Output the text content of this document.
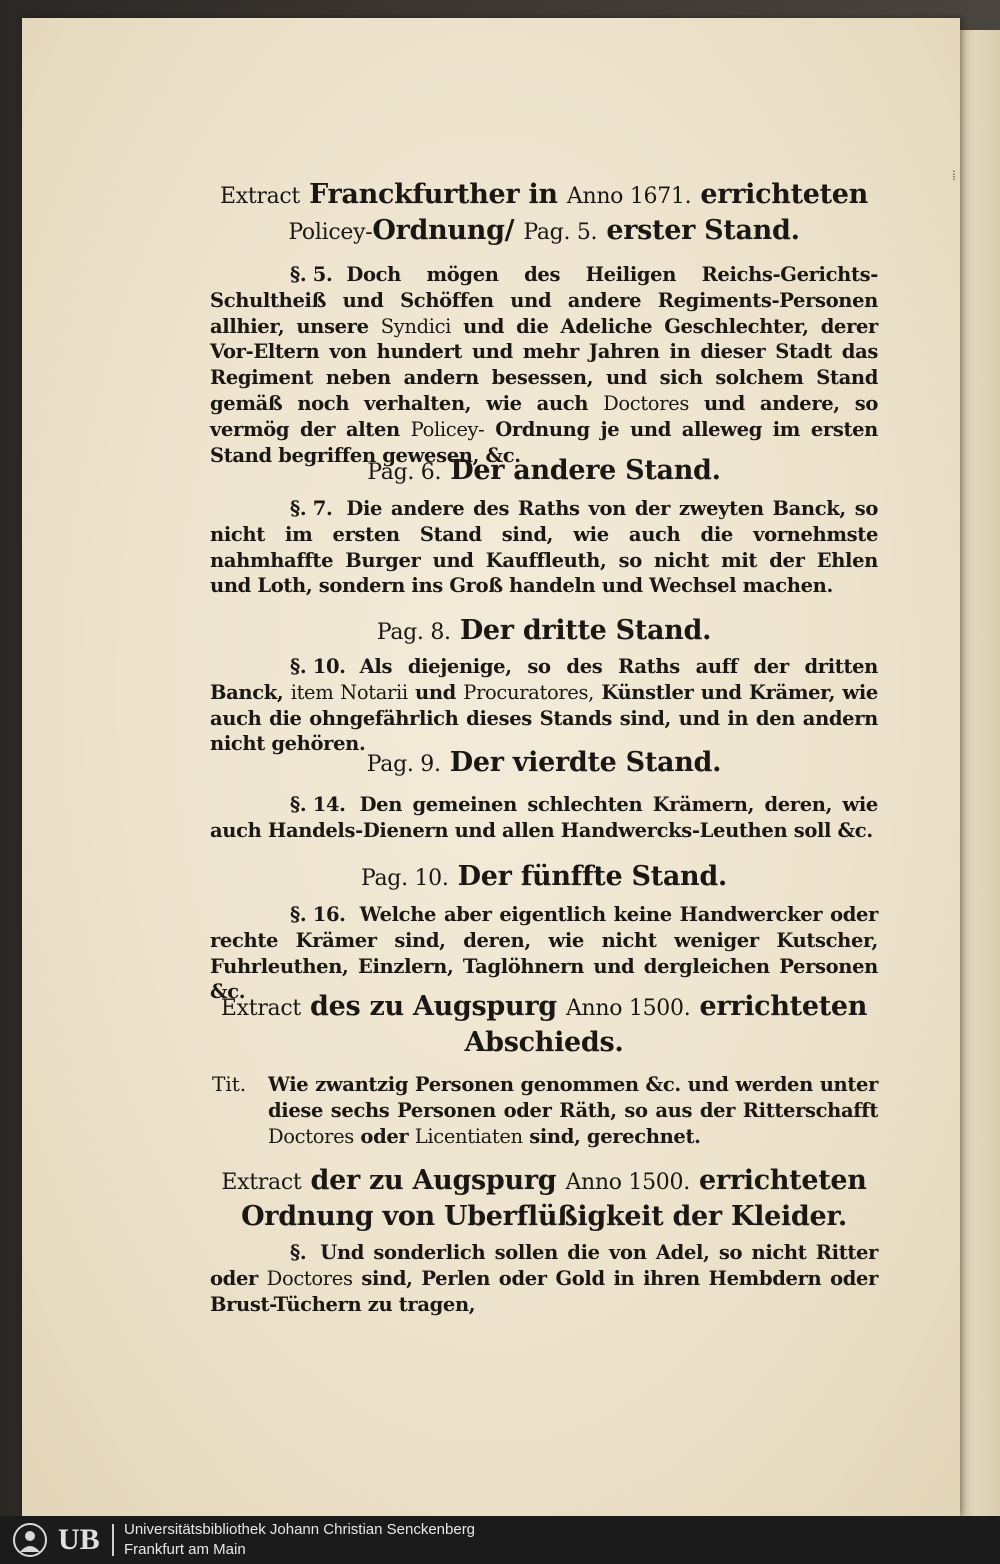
⁞
Extract Franckfurther in Anno 1671. errichteten
Policey-Ordnung/ Pag. 5. erster Stand.
§. 5. Doch mögen des Heiligen Reichs-Gerichts-Schultheiß und Schöffen und andere Regiments-Personen allhier, unsere Syndici und die Adeliche Geschlechter, derer Vor-Eltern von hundert und mehr Jahren in dieser Stadt das Regiment neben andern besessen, und sich solchem Stand gemäß noch verhalten, wie auch Doctores und andere, so vermög der alten Policey- Ordnung je und alleweg im ersten Stand begriffen gewesen, &c.
Pag. 6. Der andere Stand.
§. 7. Die andere des Raths von der zweyten Banck, so nicht im ersten Stand sind, wie auch die vornehmste nahmhaffte Burger und Kauffleuth, so nicht mit der Ehlen und Loth, sondern ins Groß handeln und Wechsel machen.
Pag. 8. Der dritte Stand.
§. 10. Als diejenige, so des Raths auff der dritten Banck, item Notarii und Procuratores, Künstler und Krämer, wie auch die ohngefährlich dieses Stands sind, und in den andern nicht gehören.
Pag. 9. Der vierdte Stand.
§. 14. Den gemeinen schlechten Krämern, deren, wie auch Handels-Dienern und allen Handwercks-Leuthen soll &c.
Pag. 10. Der fünffte Stand.
§. 16. Welche aber eigentlich keine Handwercker oder rechte Krämer sind, deren, wie nicht weniger Kutscher, Fuhrleuthen, Einzlern, Taglöhnern und dergleichen Personen &c.
Extract des zu Augspurg Anno 1500. errichteten
Abschieds.
Tit.	Wie zwantzig Personen genommen &c. und werden unter diese sechs Personen oder Räth, so aus der Ritterschafft Doctores oder Licentiaten sind, gerechnet.
Extract der zu Augspurg Anno 1500. errichteten
Ordnung von Uberflüßigkeit der Kleider.
§. Und sonderlich sollen die von Adel, so nicht Ritter oder Doctores sind, Perlen oder Gold in ihren Hembdern oder Brust-Tüchern zu tragen,
UB Universitätsbibliothek Johann Christian Senckenberg
Frankfurt am Main
